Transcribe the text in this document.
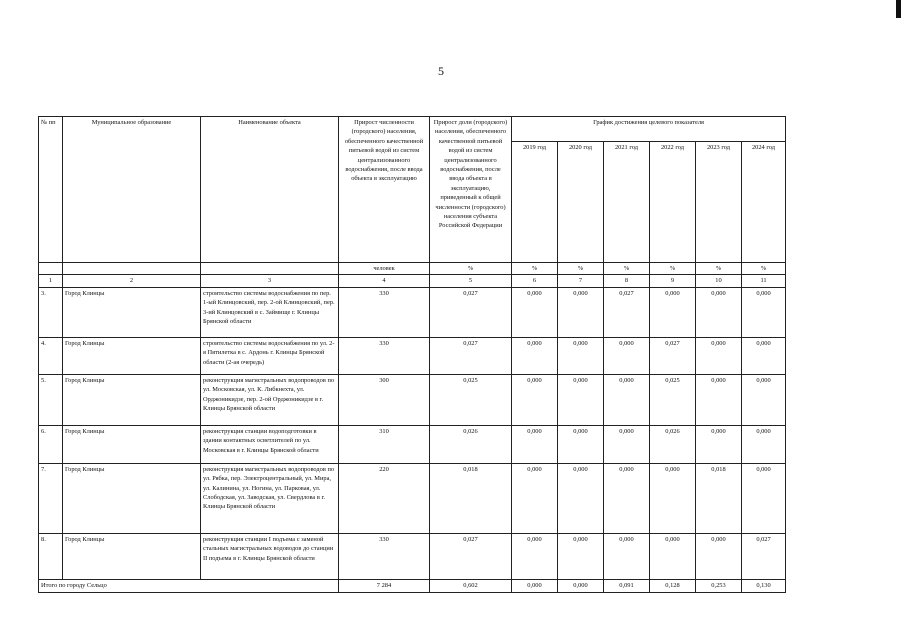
5
№ пп	Муниципальное образование	Наименование объекта	Прирост численности (городского) населения, обеспеченного качественной питьевой водой из систем централизованного водоснабжения, после ввода объекта в эксплуатацию	Прирост доли (городского) населения, обеспеченного качественной питьевой водой из систем централизованного водоснабжения, после ввода объекта в эксплуатацию, приведенный к общей численности (городского) населения субъекта Российской Федерации	График достижения целевого показателя					
					2019 год	2020 год	2021 год	2022 год	2023 год	2024 год
			человек	%	%	%	%	%	%	%
1	2	3	4	5	6	7	8	9	10	11
3.	Город Клинцы	строительство системы водоснабжения по пер. 1-ый Клинцовский, пер. 2-ой Клинцовский, пер. 3-ий Клинцовский в с. Займище г. Клинцы Брянской области	330	0,027	0,000	0,000	0,027	0,000	0,000	0,000
4.	Город Клинцы	строительство системы водоснабжения по ул. 2-я Пятилетка в с. Ардонь г. Клинцы Брянской области (2-ая очередь)	330	0,027	0,000	0,000	0,000	0,027	0,000	0,000
5.	Город Клинцы	реконструкция магистральных водопроводов по ул. Московская, ул. К. Либкнехта, ул. Орджоникидзе, пер. 2-ой Орджоникидзе в г. Клинцы Брянской области	300	0,025	0,000	0,000	0,000	0,025	0,000	0,000
6.	Город Клинцы	реконструкция станции водоподготовки в здании контактных осветлителей по ул. Московская в г. Клинцы Брянской области	310	0,026	0,000	0,000	0,000	0,026	0,000	0,000
7.	Город Клинцы	реконструкция магистральных водопроводов по ул. Рябка, пер. Электроцентральный, ул. Мира, ул. Калинина, ул. Ногина, ул. Парковая, ул. Слободская, ул. Заводская, ул. Свердлова в г. Клинцы Брянской области	220	0,018	0,000	0,000	0,000	0,000	0,018	0,000
8.	Город Клинцы	реконструкция станции I подъема с заменой стальных магистральных водоводов до станции II подъема в г. Клинцы Брянской области	330	0,027	0,000	0,000	0,000	0,000	0,000	0,027
Итого по городу Сельцо			7 284	0,602	0,000	0,000	0,091	0,128	0,253	0,130
